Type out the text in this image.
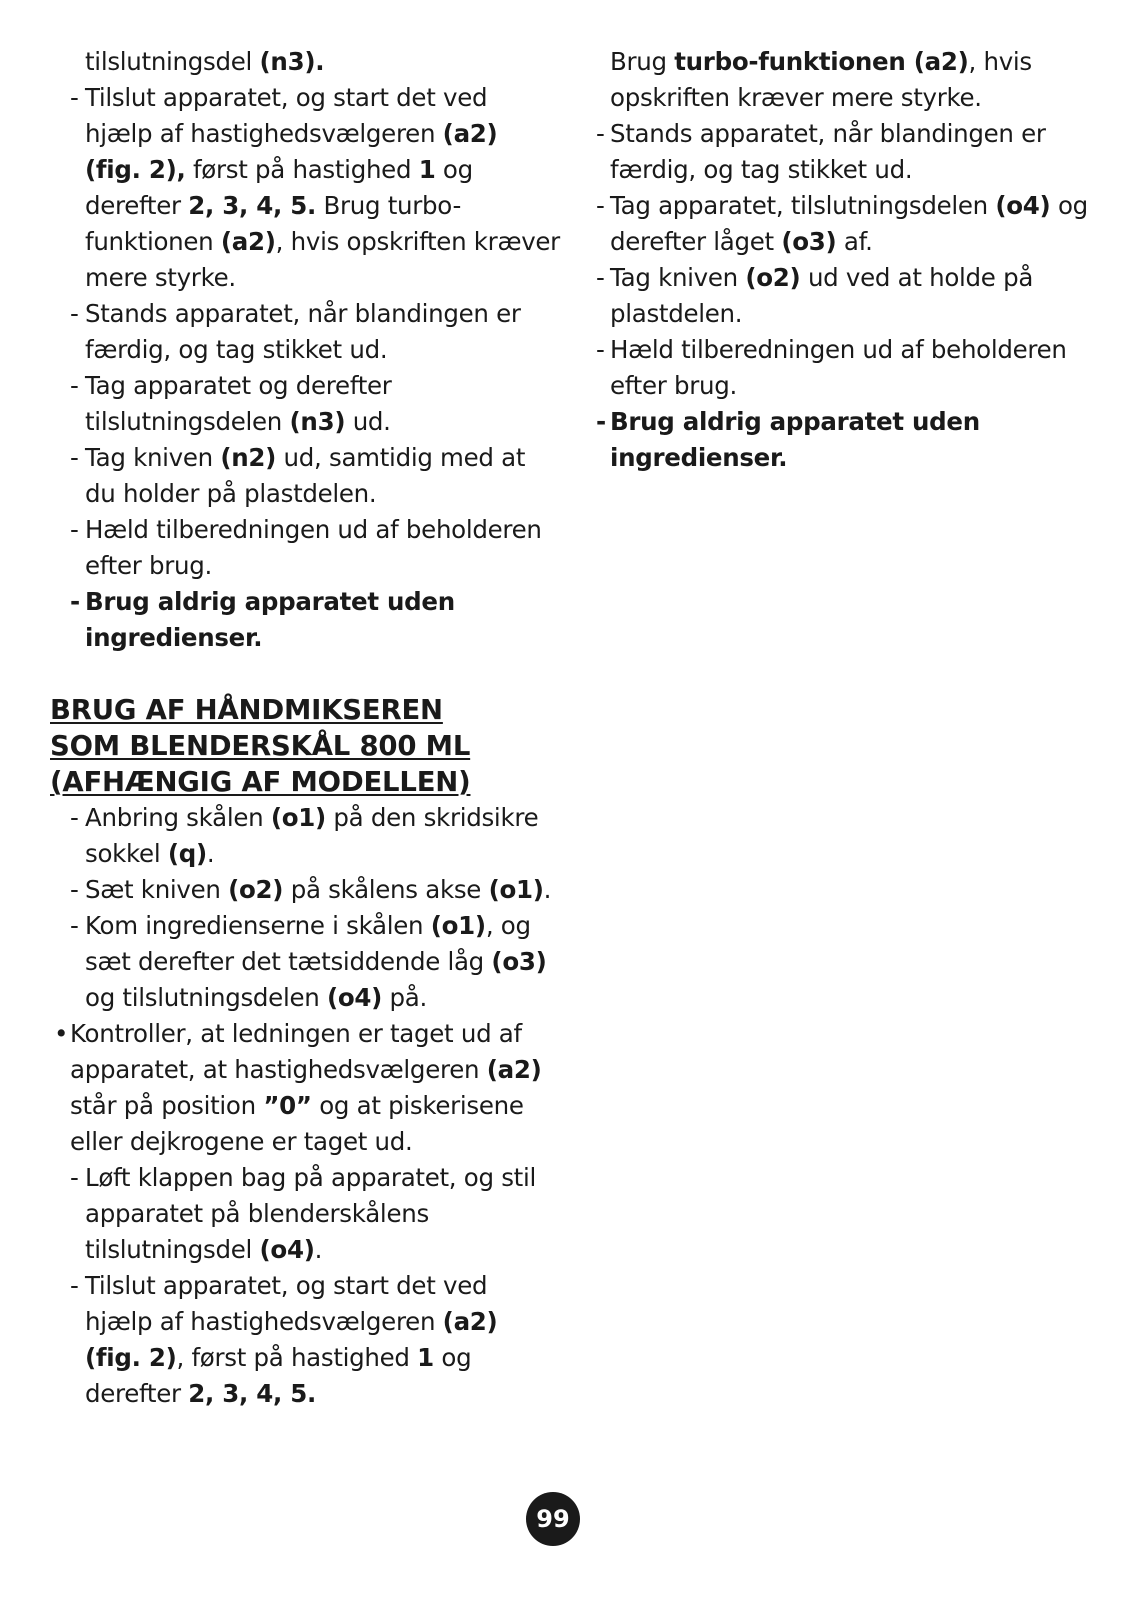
tilslutningsdel (n3).

- Tilslut apparatet, og start det ved hjælp af hastighedsvælgeren (a2) (fig. 2), først på hastighed 1 og derefter 2, 3, 4, 5. Brug turbo-funktionen (a2), hvis opskriften kræver mere styrke.

- Stands apparatet, når blandingen er færdig, og tag stikket ud.

- Tag apparatet og derefter tilslutningsdelen (n3) ud.

- Tag kniven (n2) ud, samtidig med at du holder på plastdelen.

- Hæld tilberedningen ud af beholderen efter brug.

- Brug aldrig apparatet uden ingredienser.

BRUG AF HÅNDMIKSEREN
SOM BLENDERSKÅL 800 ML
(AFHÆNGIG AF MODELLEN)

- Anbring skålen (o1) på den skridsikre sokkel (q).

- Sæt kniven (o2) på skålens akse (o1).

- Kom ingredienserne i skålen (o1), og sæt derefter det tætsiddende låg (o3) og tilslutningsdelen (o4) på.

• Kontroller, at ledningen er taget ud af apparatet, at hastighedsvælgeren (a2) står på position ”0” og at piskerisene eller dejkrogene er taget ud.

- Løft klappen bag på apparatet, og stil apparatet på blenderskålens tilslutningsdel (o4).

- Tilslut apparatet, og start det ved hjælp af hastighedsvælgeren (a2) (fig. 2), først på hastighed 1 og derefter 2, 3, 4, 5.

Brug turbo-funktionen (a2), hvis opskriften kræver mere styrke.

- Stands apparatet, når blandingen er færdig, og tag stikket ud.

- Tag apparatet, tilslutningsdelen (o4) og derefter låget (o3) af.

- Tag kniven (o2) ud ved at holde på plastdelen.

- Hæld tilberedningen ud af beholderen efter brug.

- Brug aldrig apparatet uden ingredienser.

99
